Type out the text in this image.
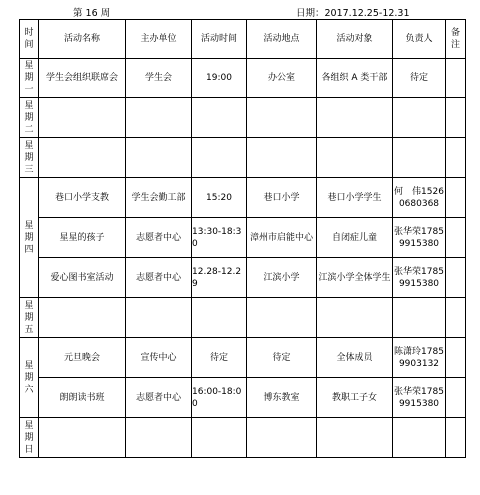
第 16 周	日期：2017.12.25-12.31
时间	活动名称	主办单位	活动时间	活动地点	活动对象	负责人	备注
星期一	学生会组织联席会	学生会	19:00	办公室	各组织 A 类干部	待定	
星期二							
星期三							
星期四	巷口小学支教	学生会勤工部	15:20	巷口小学	巷口小学学生	何　伟15260680368	
	星星的孩子	志愿者中心	13:30-18:30	漳州市启能中心	自闭症儿童	张华荣17859915380	
	爱心图书室活动	志愿者中心	12.28-12.29	江滨小学	江滨小学全体学生	张华荣17859915380	
星期五							
星期六	元旦晚会	宣传中心	待定	待定	全体成员	陈潇玲17859903132	
	朗朗读书班	志愿者中心	16:00-18:00	博东教室	教职工子女	张华荣17859915380	
星期日							
